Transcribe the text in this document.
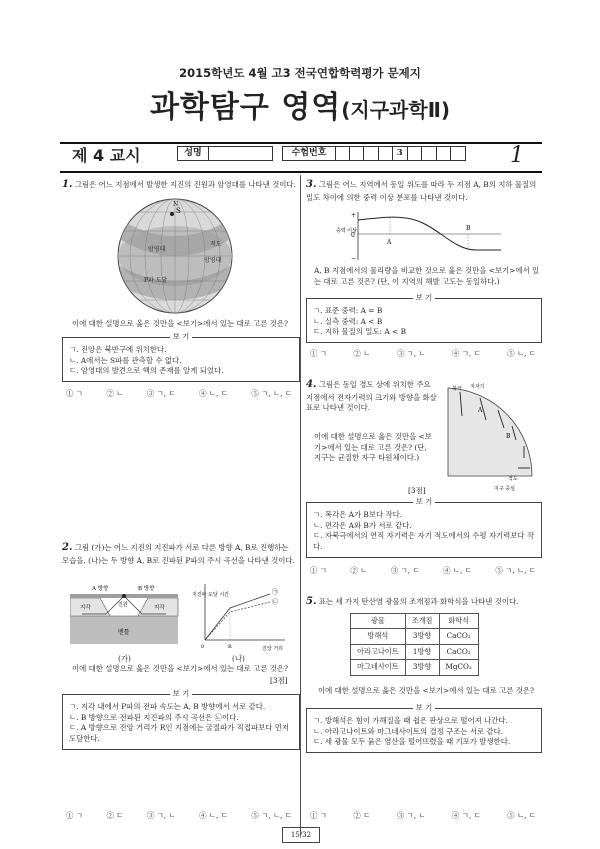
2015학년도 4월 고3 전국연합학력평가 문제지
과학탐구 영역(지구과학Ⅱ)
제 4 교시	성명	수험번호	3	1
1. 그림은 어느 지점에서 발생한 지진의 진원과 암영대를 나타낸 것이다.
S
암영대
암영대
P파 도달
적도
N
이에 대한 설명으로 옳은 것만을 <보기>에서 있는 대로 고른 것은?
보 기
ㄱ. 진앙은 북반구에 위치한다.
ㄴ. A에서는 S파를 관측할 수 없다.
ㄷ. 암영대의 발견으로 핵의 존재를 알게 되었다.
① ㄱ	② ㄴ	③ ㄱ, ㄷ	④ ㄴ, ㄷ	⑤ ㄱ, ㄴ, ㄷ
2. 그림 (가)는 어느 지진의 지진파가 서로 다른 방향 A, B로 진행하는 모습을, (나)는 두 방향 A, B로 진파된 P파의 주시 곡선을 나타낸 것이다.
A 방향	B 방향
진원
지각	지각
맨틀
지진파 도달 시간
진앙 거리
0	R
㉠
㉡
(가)	(나)
이에 대한 설명으로 옳은 것만을 <보기>에서 있는 대로 고른 것은?
[3점]
보 기
ㄱ. 지각 내에서 P파의 전파 속도는 A, B 방향에서 서로 같다.
ㄴ. B 방향으로 전파된 지진파의 주시 곡선은 ㉡이다.
ㄷ. A 방향으로 진앙 거리가 R인 지점에는 굴절파가 직접파보다 먼저 도달한다.
① ㄱ	② ㄷ	③ ㄱ, ㄴ	④ ㄴ, ㄷ	⑤ ㄱ, ㄴ, ㄷ
3. 그림은 어느 지역에서 동일 위도를 따라 두 지점 A, B의 지하 물질의 밀도 차이에 의한 중력 이상 분포를 나타낸 것이다.
+
0
−
중력 이상
A
B
A, B 지점에서의 물리량을 비교한 것으로 옳은 것만을 <보기>에서 있는 대로 고른 것은? (단, 이 지역의 해발 고도는 동일하다.)
보 기
ㄱ. 표준 중력: A = B
ㄴ. 실측 중력: A < B
ㄷ. 지하 물질의 밀도: A < B
① ㄱ	② ㄴ	③ ㄱ, ㄴ	④ ㄱ, ㄷ	⑤ ㄴ, ㄷ
4. 그림은 동일 경도 상에 위치한 주요 지점에서 전자기력의 크기와 방향을 화살표로 나타낸 것이다.
북극 지자기
A
B
적도
지구 중심
이에 대한 설명으로 옳은 것만을 <보기>에서 있는 대로 고른 것은? (단, 지구는 균질한 자구 타원체이다.)
[3점]
보 기
ㄱ. 복각은 A가 B보다 작다.
ㄴ. 편각은 A와 B가 서로 같다.
ㄷ. 자북극에서의 연직 자기력은 자기 적도에서의 수평 자기력보다 작다.
① ㄱ	② ㄴ	③ ㄱ, ㄷ	④ ㄴ, ㄷ	⑤ ㄱ, ㄴ, ㄷ
5. 표는 세 가지 탄산염 광물의 조개짐과 화학식을 나타낸 것이다.
광물	조개짐	화학식
방해석	3방향	CaCO₃
아라고나이트	1방향	CaCO₃
마그네사이트	3방향	MgCO₃
이에 대한 설명으로 옳은 것만을 <보기>에서 있는 대로 고른 것은?
보 기
ㄱ. 방해석은 힘이 가해질을 때 쉽은 판상으로 떨어져 나간다.
ㄴ. 아라고나이트와 마그네사이트의 결정 구조는 서로 같다.
ㄷ. 세 광물 모두 묽은 염산을 떨어뜨렸을 때 기포가 발생한다.
① ㄱ	② ㄷ	③ ㄱ, ㄴ	④ ㄱ, ㄷ	⑤ ㄴ, ㄷ
15/32
